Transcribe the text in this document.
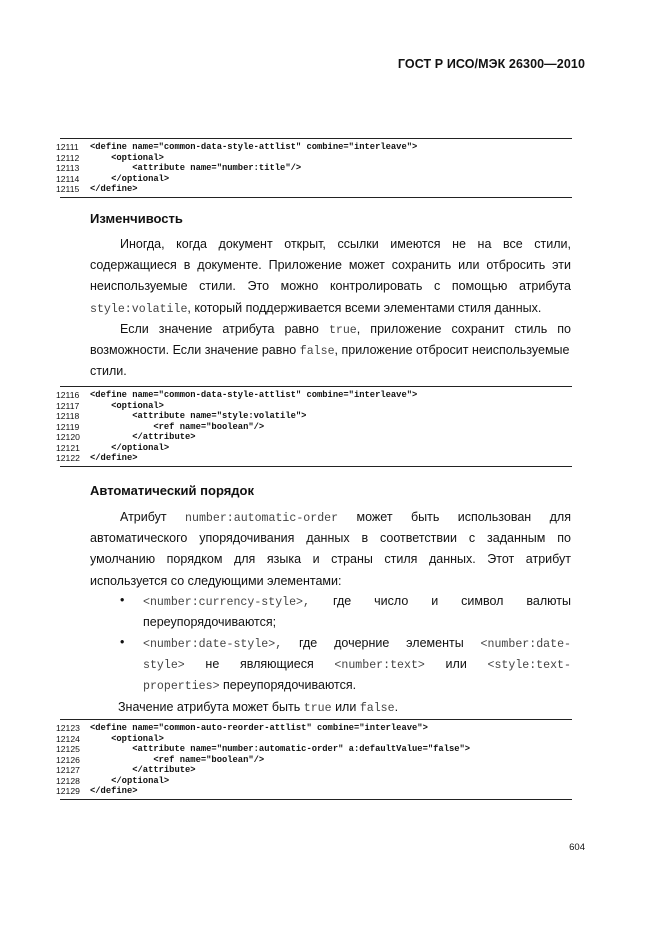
ГОСТ Р ИСО/МЭК 26300—2010
12111	<define name="common-data-style-attlist" combine="interleave">
12112	<optional>
12113	<attribute name="number:title"/>
12114	</optional>
12115	</define>
Изменчивость
Иногда, когда документ открыт, ссылки имеются не на все стили,
содержащиеся в документе. Приложение может сохранить или отбросить эти
неиспользуемые стили. Это можно контролировать с помощью атрибута
style:volatile, который поддерживается всеми элементами стиля данных.
Если значение атрибута равно true, приложение сохранит стиль по
возможности. Если значение равно false, приложение отбросит неиспользуемые
стили.
12116	<define name="common-data-style-attlist" combine="interleave">
12117	<optional>
12118	<attribute name="style:volatile">
12119	<ref name="boolean"/>
12120	</attribute>
12121	</optional>
12122	</define>
Автоматический порядок
Атрибут number:automatic-order может быть использован для
автоматического упорядочивания данных в соответствии с заданным по
умолчанию порядком для языка и страны стиля данных. Этот атрибут
используется со следующими элементами:
• <number:currency-style>, где число и символ валюты
переупорядочиваются;
• <number:date-style>, где дочерние элементы <number:date-
style> не являющиеся <number:text> или <style:text-
properties> переупорядочиваются.
Значение атрибута может быть true или false.
12123	<define name="common-auto-reorder-attlist" combine="interleave">
12124	<optional>
12125	<attribute name="number:automatic-order" a:defaultValue="false">
12126	<ref name="boolean"/>
12127	</attribute>
12128	</optional>
12129	</define>
604
